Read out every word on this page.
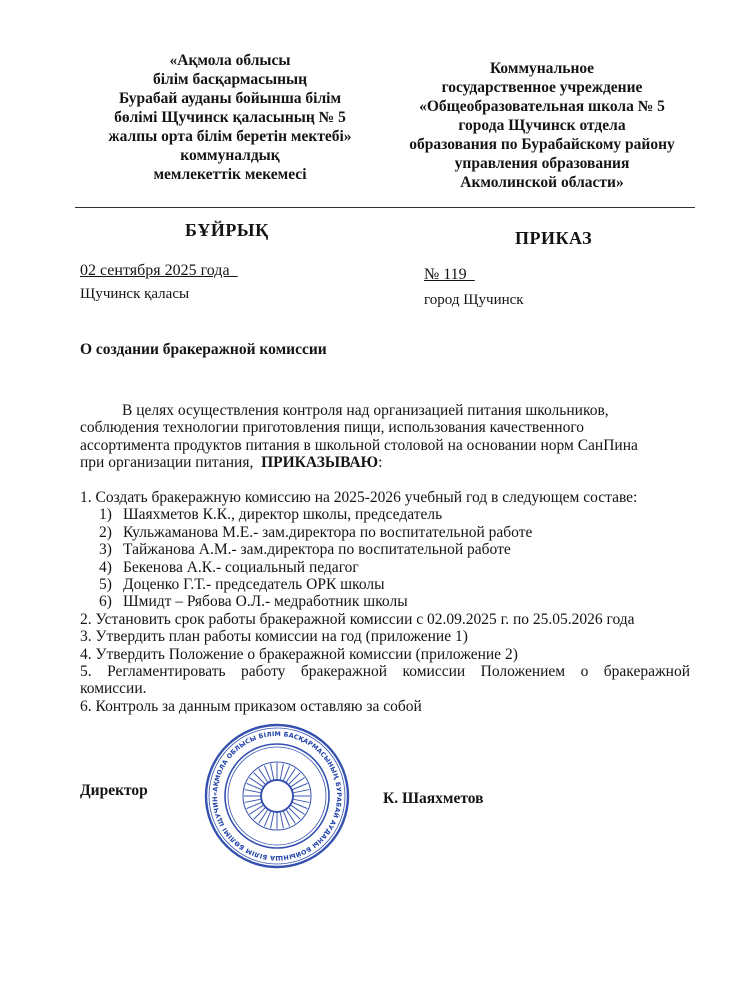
«Ақмола облысы
білім басқармасының
Бурабай ауданы бойынша білім
бөлімі Щучинск қаласының № 5
жалпы орта білім беретін мектебі»
коммуналдық
мемлекеттік мекемесі
Коммунальное
государственное учреждение
«Общеобразовательная школа № 5
города Щучинск отдела
образования по Бурабайскому району
управления образования
Акмолинской области»
БҰЙРЫҚ	ПРИКАЗ
02 сентября 2025 года_
Щучинск қаласы
№ 119_
город Щучинск
О создании бракеражной комиссии
В целях осуществления контроля над организацией питания школьников,
соблюдения технологии приготовления пищи, использования качественного
ассортимента продуктов питания в школьной столовой на основании норм СанПина
при организации питания, ПРИКАЗЫВАЮ:
1. Создать бракеражную комиссию на 2025-2026 учебный год в следующем составе:
1) Шаяхметов К.К., директор школы, председатель
2) Кульжаманова М.Е.- зам.директора по воспитательной работе
3) Тайжанова А.М.- зам.директора по воспитательной работе
4) Бекенова А.К.- социальный педагог
5) Доценко Г.Т.- председатель ОРК школы
6) Шмидт – Рябова О.Л.- медработник школы
2. Установить срок работы бракеражной комиссии с 02.09.2025 г. по 25.05.2026 года
3. Утвердить план работы комиссии на год (приложение 1)
4. Утвердить Положение о бракеражной комиссии (приложение 2)
5. Регламентировать работу бракеражной комиссии Положением о бракеражной
комиссии.
6. Контроль за данным приказом оставляю за собой
«АҚМОЛА ОБЛЫСЫ БІЛІМ БАСҚАРМАСЫНЫҢ БУРАБАЙ АУДАНЫ БОЙЫНША БІЛІМ БӨЛІМІ ЩУЧИН
Директор	К. Шаяхметов
